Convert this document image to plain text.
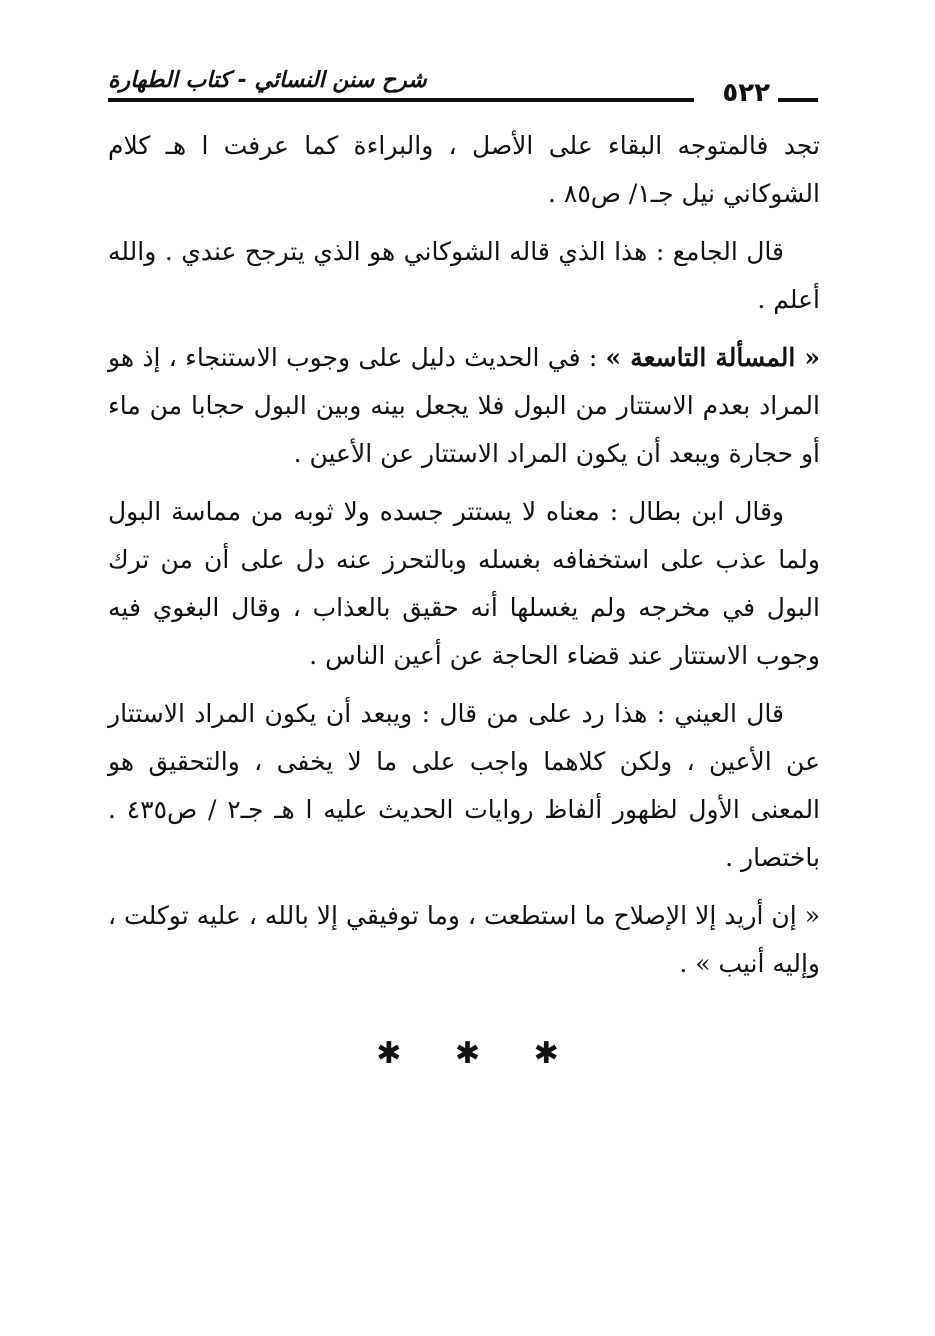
٥٢٢
شرح سنن النسائي - كتاب الطهارة

تجد فالمتوجه البقاء على الأصل ، والبراءة كما عرفت ا هـ كلام الشوكاني نيل جـ١/ ص٨٥ .

قال الجامع : هذا الذي قاله الشوكاني هو الذي يترجح عندي . والله أعلم .

« المسألة التاسعة » : في الحديث دليل على وجوب الاستنجاء ، إذ هو المراد بعدم الاستتار من البول فلا يجعل بينه وبين البول حجابا من ماء أو حجارة ويبعد أن يكون المراد الاستتار عن الأعين .

وقال ابن بطال : معناه لا يستتر جسده ولا ثوبه من مماسة البول ولما عذب على استخفافه بغسله وبالتحرز عنه دل على أن من ترك البول في مخرجه ولم يغسلها أنه حقيق بالعذاب ، وقال البغوي فيه وجوب الاستتار عند قضاء الحاجة عن أعين الناس .

قال العيني : هذا رد على من قال : ويبعد أن يكون المراد الاستتار عن الأعين ، ولكن كلاهما واجب على ما لا يخفى ، والتحقيق هو المعنى الأول لظهور ألفاظ روايات الحديث عليه ا هـ جـ٢ / ص٤٣٥ . باختصار .

« إن أريد إلا الإصلاح ما استطعت ، وما توفيقي إلا بالله ، عليه توكلت ، وإليه أنيب » .

✱ ✱ ✱
